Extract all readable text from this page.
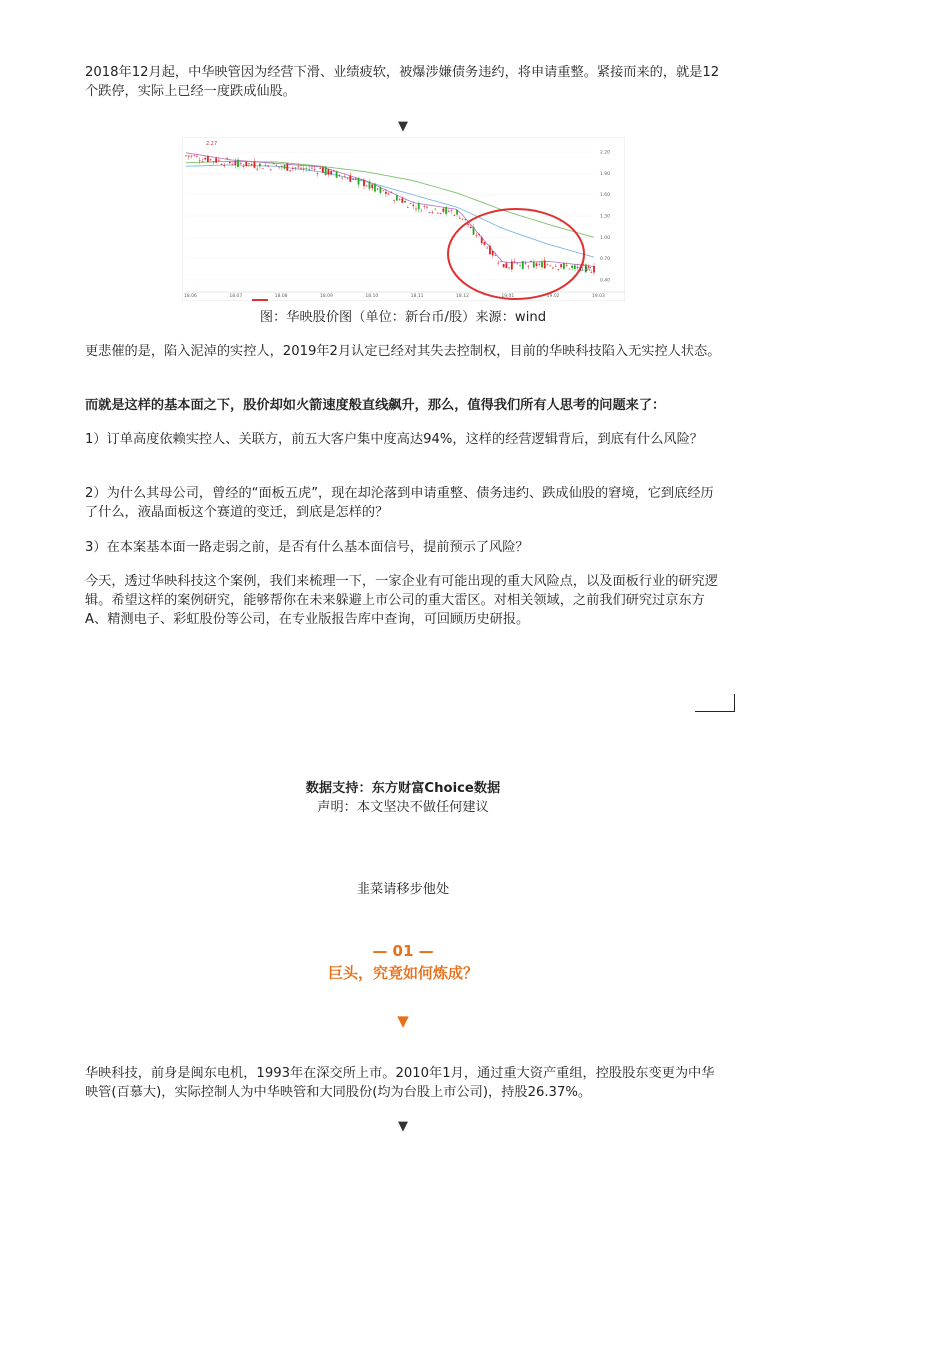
2018年12月起，中华映管因为经营下滑、业绩疲软，被爆涉嫌债务违约，将申请重整。紧接而来的，就是12个跌停，实际上已经一度跌成仙股。

▼
2.20
1.90
1.60
1.30
1.00
0.70
0.40
18.06	18.07	18.08	18.09	18.10	18.11	18.12	19.01	19.02	19.03
2.27
0.37
图：华映股价图（单位：新台币/股）来源：wind

更悲催的是，陷入泥淖的实控人，2019年2月认定已经对其失去控制权，目前的华映科技陷入无实控人状态。

而就是这样的基本面之下，股价却如火箭速度般直线飙升，那么，值得我们所有人思考的问题来了：

1）订单高度依赖实控人、关联方，前五大客户集中度高达94%，这样的经营逻辑背后，到底有什么风险？

2）为什么其母公司，曾经的“面板五虎”，现在却沦落到申请重整、债务违约、跌成仙股的窘境，它到底经历了什么，液晶面板这个赛道的变迁，到底是怎样的？

3）在本案基本面一路走弱之前，是否有什么基本面信号，提前预示了风险？

今天，透过华映科技这个案例，我们来梳理一下，一家企业有可能出现的重大风险点，以及面板行业的研究逻辑。希望这样的案例研究，能够帮你在未来躲避上市公司的重大雷区。对相关领域，之前我们研究过京东方A、精测电子、彩虹股份等公司，在专业版报告库中查询，可回顾历史研报。

数据支持：东方财富Choice数据
声明：本文坚决不做任何建议
韭菜请移步他处
— 01 —
巨头，究竟如何炼成？
▼

华映科技，前身是闽东电机，1993年在深交所上市。2010年1月，通过重大资产重组，控股股东变更为中华映管(百慕大)，实际控制人为中华映管和大同股份(均为台股上市公司)，持股26.37%。

▼
